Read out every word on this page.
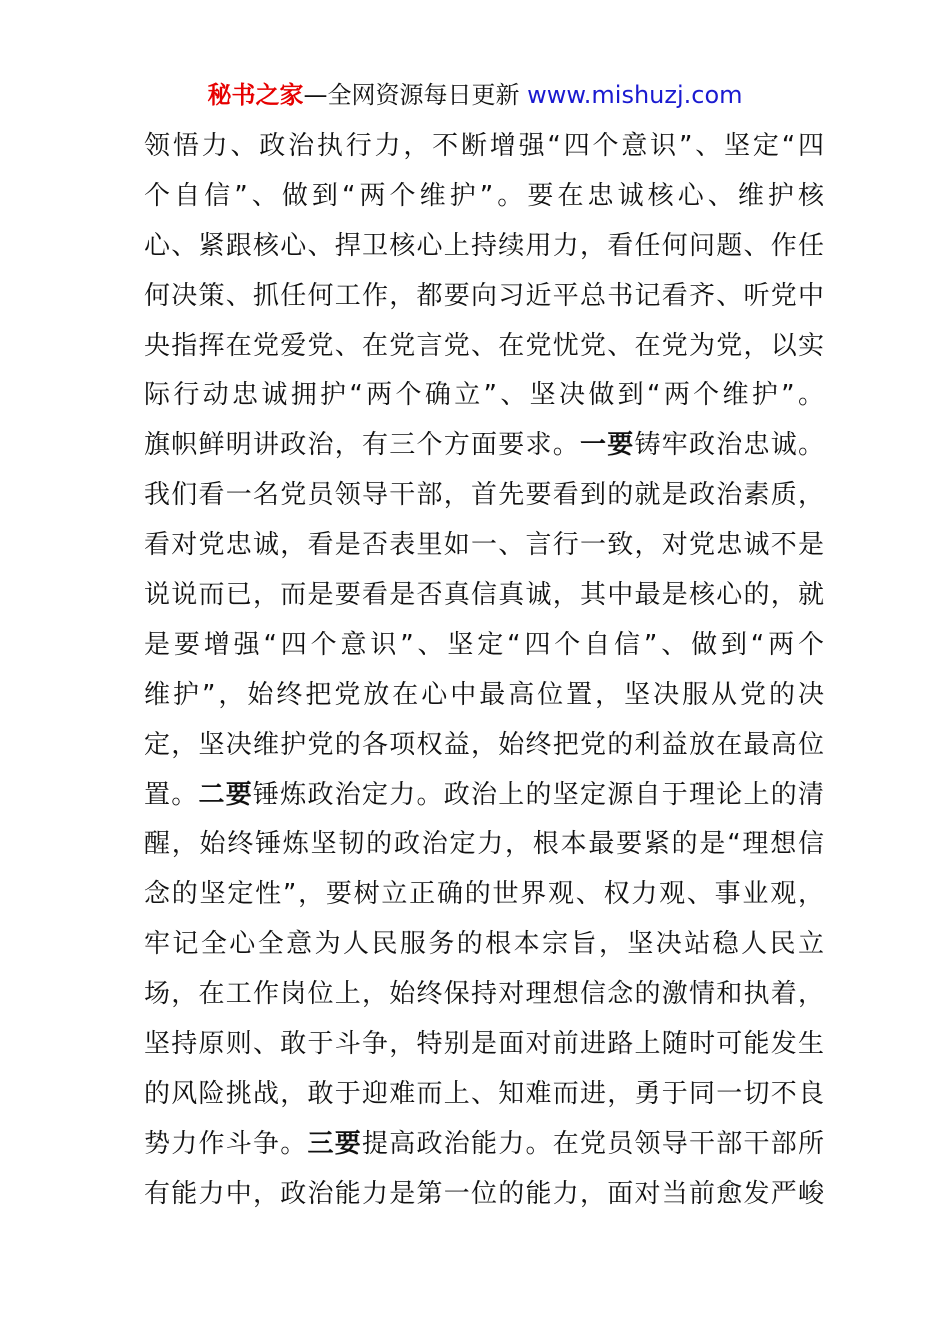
秘书之家—全网资源每日更新 www.mishuzj.com
领悟力、政治执行力，不断增强“四个意识”、坚定“四
个自信”、做到“两个维护”。要在忠诚核心、维护核
心、紧跟核心、捍卫核心上持续用力，看任何问题、作任
何决策、抓任何工作，都要向习近平总书记看齐、听党中
央指挥在党爱党、在党言党、在党忧党、在党为党，以实
际行动忠诚拥护“两个确立”、坚决做到“两个维护”。
旗帜鲜明讲政治，有三个方面要求。一要铸牢政治忠诚。
我们看一名党员领导干部，首先要看到的就是政治素质，
看对党忠诚，看是否表里如一、言行一致，对党忠诚不是
说说而已，而是要看是否真信真诚，其中最是核心的，就
是要增强“四个意识”、坚定“四个自信”、做到“两个
维护”，始终把党放在心中最高位置，坚决服从党的决
定，坚决维护党的各项权益，始终把党的利益放在最高位
置。二要锤炼政治定力。政治上的坚定源自于理论上的清
醒，始终锤炼坚韧的政治定力，根本最要紧的是“理想信
念的坚定性”，要树立正确的世界观、权力观、事业观，
牢记全心全意为人民服务的根本宗旨，坚决站稳人民立
场，在工作岗位上，始终保持对理想信念的激情和执着，
坚持原则、敢于斗争，特别是面对前进路上随时可能发生
的风险挑战，敢于迎难而上、知难而进，勇于同一切不良
势力作斗争。三要提高政治能力。在党员领导干部干部所
有能力中，政治能力是第一位的能力，面对当前愈发严峻
